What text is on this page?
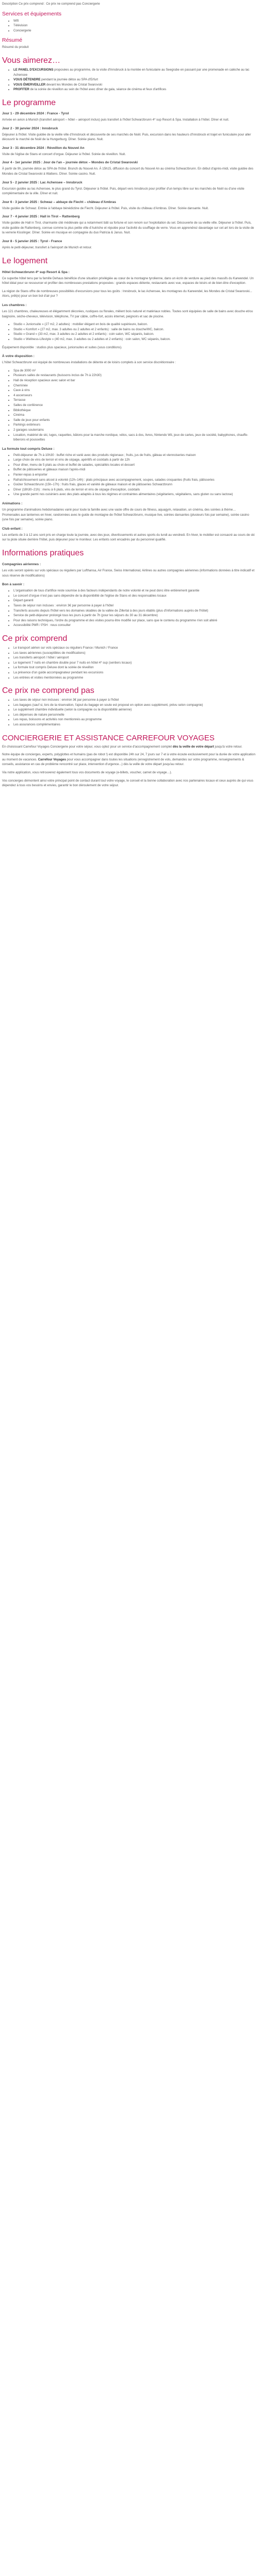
Description Ce prix comprend : Ce prix ne comprend pas Conciergerie

Services et équipements
• Wifi
• Télévision
• Conciergerie
Résumé

Résumé du produit

Vous aimerez…
• LE PANEL D'EXCURSIONS proposées au programme, de la visite d'Innsbruck à la montée en funiculaire au Seegrube en passant par une promenade en calèche au lac Achensee
• VOUS DÉTENDRE pendant la journée détox au SPA d'Erfurt
• VOUS ÉMERVEILLER devant les Mondes de Cristal Swarovski
• PROFITER de la soirée de réveillon au sein de l'hôtel avec dîner de gala, séance de cinéma et feux d'artifices
Le programme
Jour 1 - 29 décembre 2024 : France - Tyrol

Arrivée en avion à Munich (transfert aéroport – hôtel – aéroport inclus) puis transfert à l'hôtel Schwarzbrunn 4* sup Resort & Spa. Installation à l'hôtel. Dîner et nuit.

Jour 2 - 30 janvier 2024 : Innsbruck

Déjeuner à l'hôtel. Visite guidée de la vieille ville d'Innsbruck et découverte de ses marchés de Noël. Puis, excursion dans les hauteurs d'Innsbruck et trajet en funiculaire pour aller découvrir le marché de Noël de la Hungerburg. Dîner. Soirée piano. Nuit.

Jour 3 - 31 décembre 2024 : Réveillon du Nouvel An

Visite de l'église de Stans et concert d'orgue. Déjeuner à l'hôtel. Soirée de réveillon. Nuit.

Jour 4 - 1er janvier 2025 : Jour de l'an – journée détox – Mondes de Cristal Swarovski

À partir de 9h, journée détox au SPA de l'hôtel. Brunch du Nouvel An. À 15h15, diffusion du concert du Nouvel An au cinéma Schwarzbrunn. En début d'après-midi, visite guidée des Mondes de Cristal Swarovski à Wattens. Dîner. Soirée casino. Nuit.

Jour 5 - 2 janvier 2025 : Lac Achensee – Innsbruck

Excursion guidée au lac Achensee, le plus grand du Tyrol. Déjeuner à l'hôtel. Puis, départ vers Innsbruck pour profiter d'un temps libre sur les marchés de Noël ou d'une visite complémentaire de la ville. Dîner et nuit.

Jour 6 - 3 janvier 2025 : Schwaz – abbaye de Fiecht – château d'Ambras

Visite guidée de Schwaz. Entrée à l'abbaye bénédictine de Fiecht. Déjeuner à l'hôtel. Puis, visite du château d'Ambras. Dîner. Soirée dansante. Nuit.

Jour 7 - 4 janvier 2025 : Hall in Tirol – Rattenberg

Visite guidée de Hall in Tirol, charmante cité médiévale qui a notamment bâti sa fortune et son renom sur l'exploitation du sel. Découverte de sa vieille ville. Déjeuner à l'hôtel. Puis, visite guidée de Rattenberg, connue comme la plus petite ville d'Autriche et réputée pour l'activité du soufflage de verre. Vous en apprendrez davantage sur cet art lors de la visite de la verrerie Kisslinger. Dîner. Soirée en musique en compagnie du duo Patricia & Janus. Nuit.

Jour 8 - 5 janvier 2025 : Tyrol - France

Après le petit-déjeuner, transfert à l'aéroport de Munich et retour.

Le logement
Hôtel Schwarzbrunn 4* sup Resort & Spa :

Ce superbe hôtel tenu par la famille Dehaus bénéficie d'une situation privilégiée au cœur de la montagne tyrolienne, dans un écrin de verdure au pied des massifs du Karwendel. Un hôtel idéal pour se ressourcer et profiter des nombreuses prestations proposées : grands espaces détente, restaurants avec vue, espaces de loisirs et de bien-être d'exception.

La région de Stans offre de nombreuses possibilités d'excursions pour tous les goûts : Innsbruck, le lac Achensee, les montagnes du Karwendel, les Mondes de Cristal Swarovski... Alors, prêt(e) pour un bon bol d'air pur ?

Les chambres :

Les 121 chambres, chaleureuses et élégamment décorées, rustiques ou florales, mêlent bois naturel et matériaux nobles. Toutes sont équipées de salle de bains avec douche et/ou baignoire, sèche-cheveux, télévision, téléphone, TV par câble, coffre-fort, accès internet, peignoirs et sac de piscine.

• Studio « Juniorsuite » (27 m2, 2 adultes) : mobilier élégant en bois de qualité supérieure, balcon.
• Studio « Komfort » (27 m2, max. 3 adultes ou 2 adultes et 2 enfants) : salle de bains ou douche/WC, balcon.
• Studio « Grand » (33 m2, max. 3 adultes ou 2 adultes et 2 enfants) : coin salon, WC séparés, balcon.
• Studio « Wellness-Lifestyle » (40 m2, max. 3 adultes ou 2 adultes et 2 enfants) : coin salon, WC séparés, balcon.

Équipement disponible : studios plus spacieux, juniorsuites et suites (sous conditions).

À votre disposition :

L'hôtel Schwarzbrunn est équipé de nombreuses installations de détente et de loisirs complets à son service discrétionnaire :

• Spa de 3000 m²
• Plusieurs salles de restaurants (buissons inclus de 7h à 22h30)
• Hall de réception spacieux avec salon et bar
• Cheminée
• Cave à vins
• 4 ascenseurs
• Terrasse
• Salles de conférence
• Bibliothèque
• Cinéma
• Salle de jeux pour enfants
• Parkings extérieurs
• 2 garages souterrains
• Location, matériel de ski, luges, raquettes, bâtons pour la marche nordique, vélos, sacs à dos, livres, Nintendo Wii, jeux de cartes, jeux de société, babyphones, chauffe-biberons et poussettes
La formule tout compris Deluxe :
• Petit-déjeuner de 7h à 10h30 : buffet riche et varié avec des produits régionaux ; fruits, jus de fruits, gâteau et viennoiseries maison
• Large choix de vins de terroir et vins de cépage, apéritifs et cocktails à partir de 12h
• Pour dîner, menu de 5 plats au choix et buffet de salades, spécialités locales et dessert
• Buffet de pâtisseries et gâteaux maison l'après-midi
• Panier-repas à emporter
• Rafraîchissement sans alcool à volonté (12h–14h) : plats principaux avec accompagnement, soupes, salades croquantes (fruits frais, pâtisseries
• Goûter Schwarzbrunn (15h–17h) : fruits frais, glaces et variété de gâteaux maison et de pâtisseries Schwarzbrunn
• Dîner (18h30–21h) : menu à 6 plats, vins de terroir et vins de cépage d'exception, cocktails
• Une grande parmi nos cuisiniers avec des plats adaptés à tous les régimes et contraintes alimentaires (végétariens, végétaliens, sans gluten ou sans lactose)
Animations :

Un programme d'animations hebdomadaires varié pour toute la famille avec une vaste offre de cours de fitness, aquagym, relaxation, un cinéma, des soirées à thème…
Promenades aux lanternes en hiver, randonnées avec le guide de montagne de l'hôtel Schwarzbrunn, musique live, soirées dansantes (plusieurs fois par semaine), soirée casino (une fois par semaine), soirée piano.

Club enfant :

Les enfants de 3 à 12 ans sont pris en charge toute la journée, avec des jeux, divertissements et autres sports du lundi au vendredi. En hiver, le mobilier est consacré au cours de ski sur la piste située derrière l'hôtel, puis déjeuner pour le moniteur. Les enfants sont encadrés par du personnel qualifié.

Informations pratiques
Compagnies aériennes :

Les vols seront opérés sur vols spéciaux ou réguliers par Lufthansa, Air France, Swiss International, Airlines ou autres compagnies aériennes (informations données à titre indicatif et sous réserve de modifications)

Bon à savoir :
• L'organisation de tous d'artifice reste soumise à des facteurs indépendants de notre volonté et ne peut donc être entièrement garantie
• Le concert d'orgue n'est pas sans dépendre de la disponibilité de l'église de Stans et des responsables locaux
• Départ garanti
• Taxes de séjour non incluses : environ 3€ par personne à payer à l'hôtel
• Transferts assurés depuis l'hôtel vers les domaines skiables de la vallée de Zillertal à des jours établis (plus d'informations auprès de l'hôtel)
• Service de petit-déjeuner prolongé tous les jours à partir de 7h (pour les séjours du 30 au 31 décembre)
• Pour des raisons techniques, l'ordre du programme et des visites pourra être modifié sur place, sans que le contenu du programme n'en soit altéré
• Accessibilité PMR / PSH : nous consulter
Ce prix comprend
• Le transport aérien sur vols spéciaux ou réguliers France / Munich / France
• Les taxes aériennes (susceptibles de modifications)
• Les transferts aéroport / hôtel / aéroport
• Le logement 7 nuits en chambre double pour 7 nuits en hôtel 4* sup (sentiers locaux)
• La formule tout compris Deluxe dont la soirée de réveillon
• La présence d'un guide accompagnateur pendant les excursions
• Les entrées et visites mentionnées au programme
Ce prix ne comprend pas
• Les taxes de séjour non incluses : environ 3€ par personne à payer à l'hôtel
• Les bagages (sauf si, lors de la réservation, l'ajout du bagage en soute est proposé en option avec supplément, prévu selon compagnie)
• Le supplément chambre individuelle (selon la compagnie ou la disponibilité aérienne)
• Les dépenses de nature personnelle
• Les repas, boissons et activités non mentionnés au programme
• Les assurances complémentaires
CONCIERGERIE ET ASSISTANCE CARREFOUR VOYAGES

En choisissant Carrefour Voyages Conciergerie pour votre séjour, vous optez pour un service d'accompagnement complet dès la veille de votre départ jusqu'à votre retour.

Notre équipe de concierges, experts, polyglottes et humains (pas de robot !) est disponible 24h sur 24, 7 jours sur 7 et à votre écoute exclusivement pour la durée de votre application au moment de vacances. Carrefour Voyages pour vous accompagner dans toutes les situations (enregistrement de vols, demandes sur votre programme, renseignements & conseils, assistance en cas de problème rencontré sur place, intervention d'urgence...) dès la veille de votre départ jusqu'au retour.

Via notre application, vous retrouverez également tous vos documents de voyage (e-billets, voucher, carnet de voyage…).

Vos concierges démontent ainsi votre principal point de contact durant tout votre voyage, le conseil et la bonne collaboration avec nos partenaires locaux et ceux auprès de qui vous dépendez à tous vos besoins et envies, garantir le bon déroulement de votre séjour.
